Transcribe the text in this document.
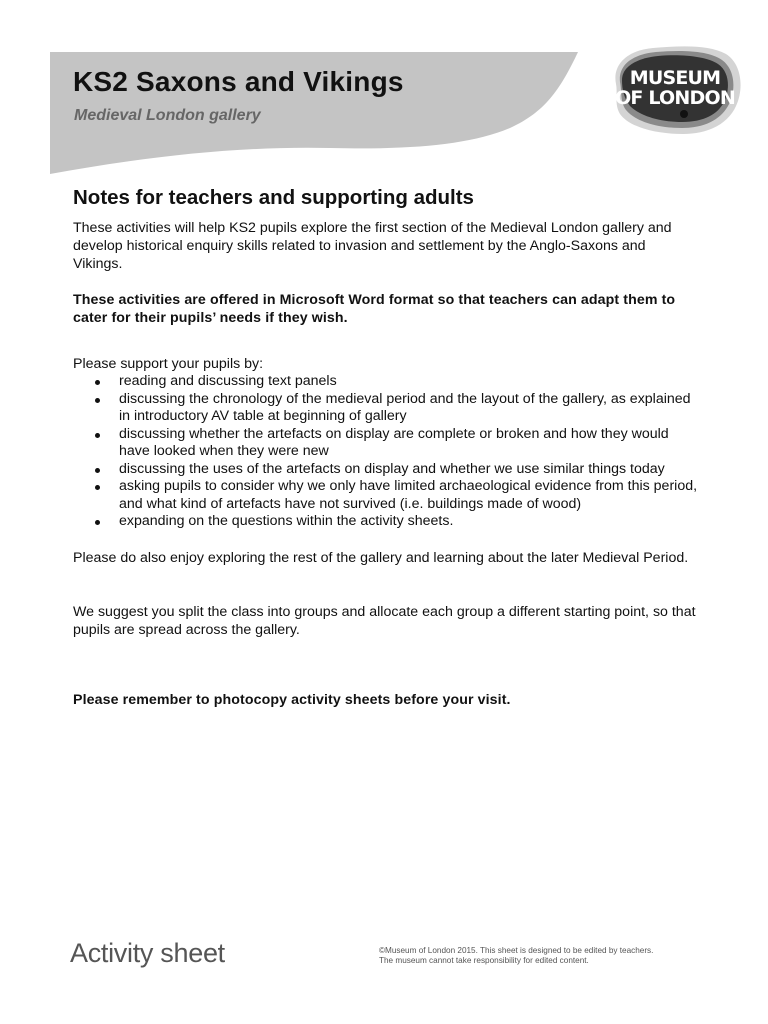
KS2 Saxons and Vikings
Medieval London gallery
MUSEUM
OF LONDON
Notes for teachers and supporting adults

These activities will help KS2 pupils explore the first section of the Medieval London gallery and develop historical enquiry skills related to invasion and settlement by the Anglo-Saxons and Vikings.

These activities are offered in Microsoft Word format so that teachers can adapt them to cater for their pupils’ needs if they wish.

Please support your pupils by:

reading and discussing text panels
discussing the chronology of the medieval period and the layout of the gallery, as explained in introductory AV table at beginning of gallery
discussing whether the artefacts on display are complete or broken and how they would have looked when they were new
discussing the uses of the artefacts on display and whether we use similar things today
asking pupils to consider why we only have limited archaeological evidence from this period, and what kind of artefacts have not survived (i.e. buildings made of wood)
expanding on the questions within the activity sheets.

Please do also enjoy exploring the rest of the gallery and learning about the later Medieval Period.

We suggest you split the class into groups and allocate each group a different starting point, so that pupils are spread across the gallery.

Please remember to photocopy activity sheets before your visit.

Activity sheet	©Museum of London 2015. This sheet is designed to be edited by teachers.
The museum cannot take responsibility for edited content.
